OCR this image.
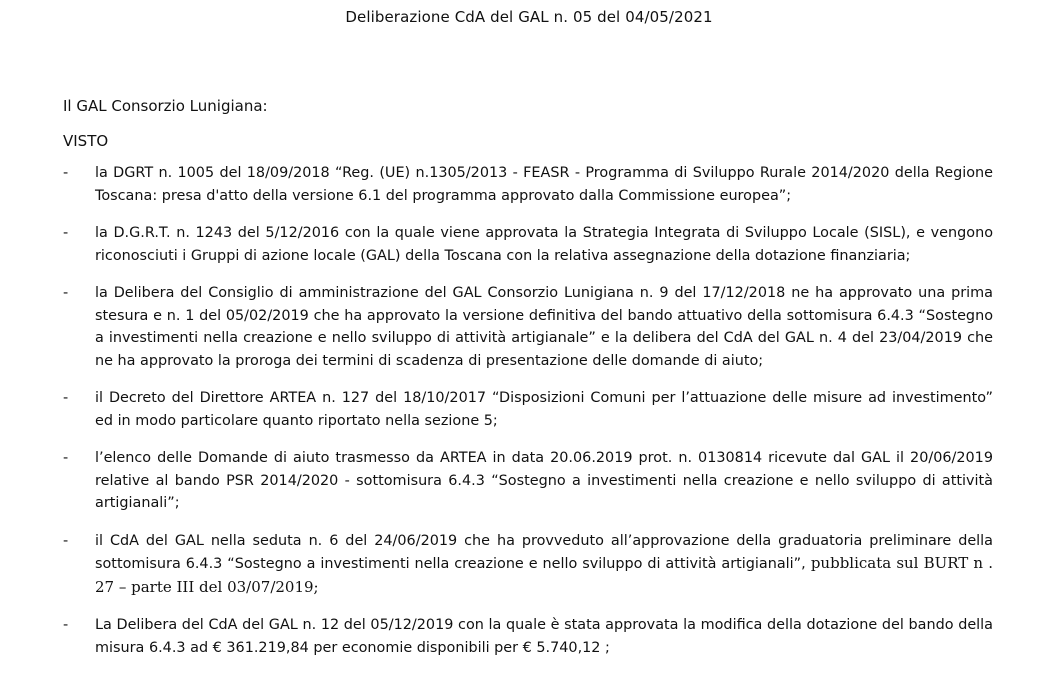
Deliberazione CdA del GAL n. 05 del 04/05/2021
Il GAL Consorzio Lunigiana:
VISTO
- la DGRT n. 1005 del 18/09/2018 “Reg. (UE) n.1305/2013 - FEASR - Programma di Sviluppo Rurale 2014/2020 della Regione Toscana: presa d'atto della versione 6.1 del programma approvato dalla Commissione europea”;
- la D.G.R.T. n. 1243 del 5/12/2016 con la quale viene approvata la Strategia Integrata di Sviluppo Locale (SISL), e vengono riconosciuti i Gruppi di azione locale (GAL) della Toscana con la relativa assegnazione della dotazione finanziaria;
- la Delibera del Consiglio di amministrazione del GAL Consorzio Lunigiana n. 9 del 17/12/2018 ne ha approvato una prima stesura e n. 1 del 05/02/2019 che ha approvato la versione definitiva del bando attuativo della sottomisura 6.4.3 “Sostegno a investimenti nella creazione e nello sviluppo di attività artigianale” e la delibera del CdA del GAL n. 4 del 23/04/2019 che ne ha approvato la proroga dei termini di scadenza di presentazione delle domande di aiuto;
- il Decreto del Direttore ARTEA n. 127 del 18/10/2017 “Disposizioni Comuni per l’attuazione delle misure ad investimento” ed in modo particolare quanto riportato nella sezione 5;
- l’elenco delle Domande di aiuto trasmesso da ARTEA in data 20.06.2019 prot. n. 0130814 ricevute dal GAL il 20/06/2019 relative al bando PSR 2014/2020 - sottomisura 6.4.3 “Sostegno a investimenti nella creazione e nello sviluppo di attività artigianali”;
- il CdA del GAL nella seduta n. 6 del 24/06/2019 che ha provveduto all’approvazione della graduatoria preliminare della sottomisura 6.4.3 “Sostegno a investimenti nella creazione e nello sviluppo di attività artigianali”, pubblicata sul BURT n . 27 – parte III del 03/07/2019;
- La Delibera del CdA del GAL n. 12 del 05/12/2019 con la quale è stata approvata la modifica della dotazione del bando della misura 6.4.3 ad € 361.219,84 per economie disponibili per € 5.740,12 ;
